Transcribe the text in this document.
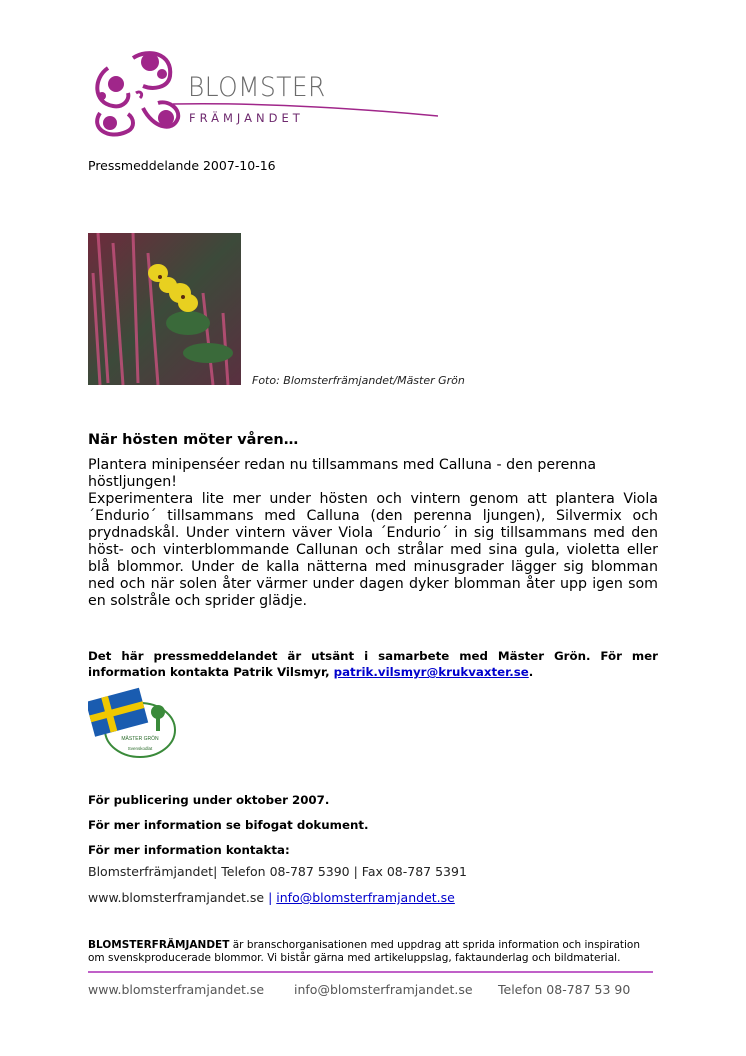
BLOMSTER
FRÄMJANDET
Pressmeddelande 2007-10-16
Foto: Blomsterfrämjandet/Mäster Grön
När hösten möter våren…
Plantera minipenséer redan nu tillsammans med Calluna - den perenna höstljungen!
Experimentera lite mer under hösten och vintern genom att plantera Viola ´Endurio´ tillsammans med Calluna (den perenna ljungen), Silvermix och prydnadskål. Under vintern väver Viola ´Endurio´ in sig tillsammans med den höst- och vinterblommande Callunan och strålar med sina gula, violetta eller blå blommor. Under de kalla nätterna med minusgrader lägger sig blomman ned och när solen åter värmer under dagen dyker blomman åter upp igen som en solstråle och sprider glädje.
Det här pressmeddelandet är utsänt i samarbete med Mäster Grön. För mer information kontakta Patrik Vilsmyr, patrik.vilsmyr@krukvaxter.se.
MÄSTER GRÖN
Svenskodlat
För publicering under oktober 2007.
För mer information se bifogat dokument.
För mer information kontakta:
Blomsterfrämjandet| Telefon 08-787 5390 | Fax 08-787 5391
www.blomsterframjandet.se | info@blomsterframjandet.se
BLOMSTERFRÄMJANDET är branschorganisationen med uppdrag att sprida information och inspiration om svenskproducerade blommor. Vi bistår gärna med artikeluppslag, faktaunderlag och bildmaterial.
www.blomsterframjandet.se info@blomsterframjandet.se Telefon 08-787 53 90
